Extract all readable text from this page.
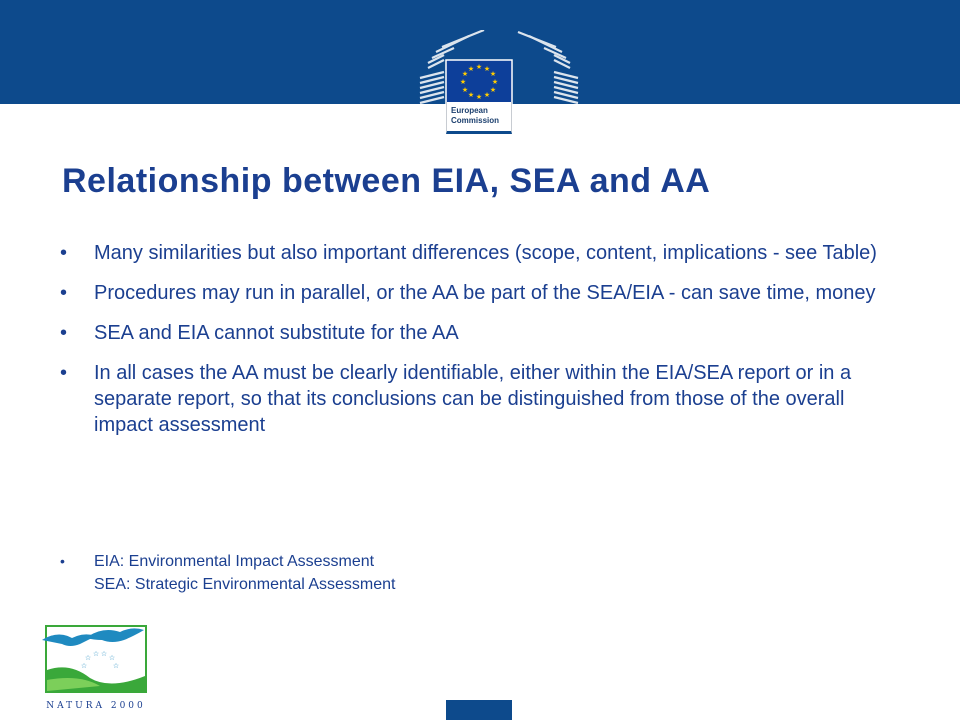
★ ★
★
★
★
★
★
★
★
★
★
★
European
Commission
Relationship between EIA, SEA and AA
• Many similarities but also important differences (scope, content, implications - see Table)
• Procedures may run in parallel, or the AA be part of the SEA/EIA - can save time, money
• SEA and EIA cannot substitute for the AA
• In all cases the AA must be clearly identifiable, either within the EIA/SEA report or in a separate report, so that its conclusions can be distinguished from those of the overall impact assessment
• EIA: Environmental Impact Assessment
SEA: Strategic Environmental Assessment
☆ ☆ ☆ ☆
☆	☆
NATURA 2000
